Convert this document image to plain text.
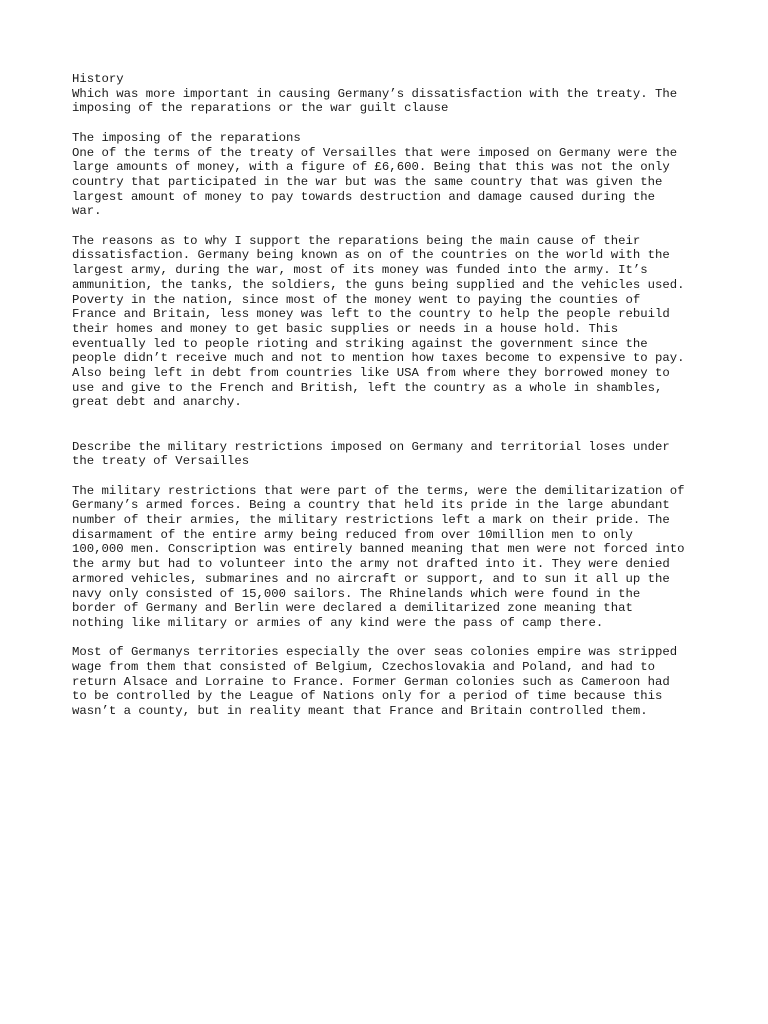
History

Which was more important in causing Germany’s dissatisfaction with the treaty. The
imposing of the reparations or the war guilt clause

The imposing of the reparations

One of the terms of the treaty of Versailles that were imposed on Germany were the
large amounts of money, with a figure of £6,600. Being that this was not the only
country that participated in the war but was the same country that was given the
largest amount of money to pay towards destruction and damage caused during the
war.

The reasons as to why I support the reparations being the main cause of their
dissatisfaction. Germany being known as on of the countries on the world with the
largest army, during the war, most of its money was funded into the army. It’s
ammunition, the tanks, the soldiers, the guns being supplied and the vehicles used.
Poverty in the nation, since most of the money went to paying the counties of
France and Britain, less money was left to the country to help the people rebuild
their homes and money to get basic supplies or needs in a house hold. This
eventually led to people rioting and striking against the government since the
people didn’t receive much and not to mention how taxes become to expensive to pay.
Also being left in debt from countries like USA from where they borrowed money to
use and give to the French and British, left the country as a whole in shambles,
great debt and anarchy.

Describe the military restrictions imposed on Germany and territorial loses under
the treaty of Versailles

The military restrictions that were part of the terms, were the demilitarization of
Germany’s armed forces. Being a country that held its pride in the large abundant
number of their armies, the military restrictions left a mark on their pride. The
disarmament of the entire army being reduced from over 10million men to only
100,000 men. Conscription was entirely banned meaning that men were not forced into
the army but had to volunteer into the army not drafted into it. They were denied
armored vehicles, submarines and no aircraft or support, and to sun it all up the
navy only consisted of 15,000 sailors. The Rhinelands which were found in the
border of Germany and Berlin were declared a demilitarized zone meaning that
nothing like military or armies of any kind were the pass of camp there.

Most of Germanys territories especially the over seas colonies empire was stripped
wage from them that consisted of Belgium, Czechoslovakia and Poland, and had to
return Alsace and Lorraine to France. Former German colonies such as Cameroon had
to be controlled by the League of Nations only for a period of time because this
wasn’t a county, but in reality meant that France and Britain controlled them.
